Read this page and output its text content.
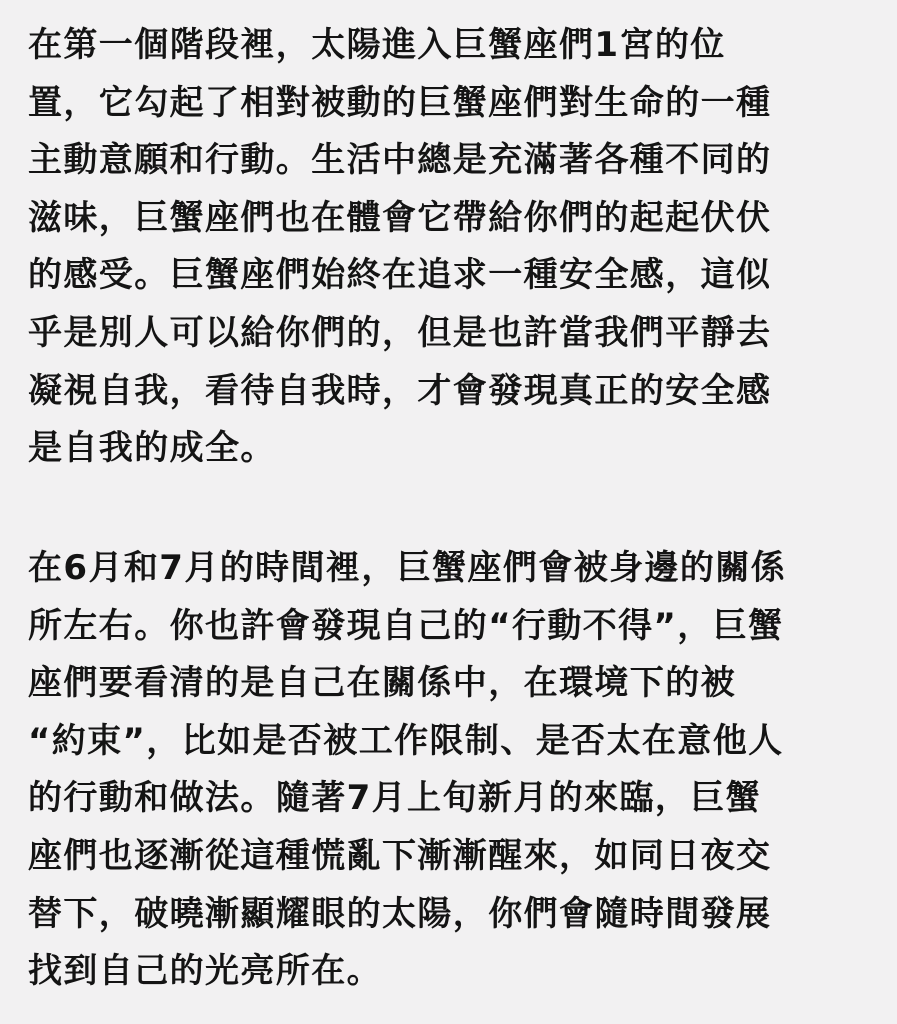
在第一個階段裡，太陽進入巨蟹座們1宮的位
置，它勾起了相對被動的巨蟹座們對生命的一種
主動意願和行動。生活中總是充滿著各種不同的
滋味，巨蟹座們也在體會它帶給你們的起起伏伏
的感受。巨蟹座們始終在追求一種安全感，這似
乎是別人可以給你們的，但是也許當我們平靜去
凝視自我，看待自我時，才會發現真正的安全感
是自我的成全。

在6月和7月的時間裡，巨蟹座們會被身邊的關係
所左右。你也許會發現自己的“行動不得”，巨蟹
座們要看清的是自己在關係中，在環境下的被
“約束”，比如是否被工作限制、是否太在意他人
的行動和做法。隨著7月上旬新月的來臨，巨蟹
座們也逐漸從這種慌亂下漸漸醒來，如同日夜交
替下，破曉漸顯耀眼的太陽，你們會隨時間發展
找到自己的光亮所在。
